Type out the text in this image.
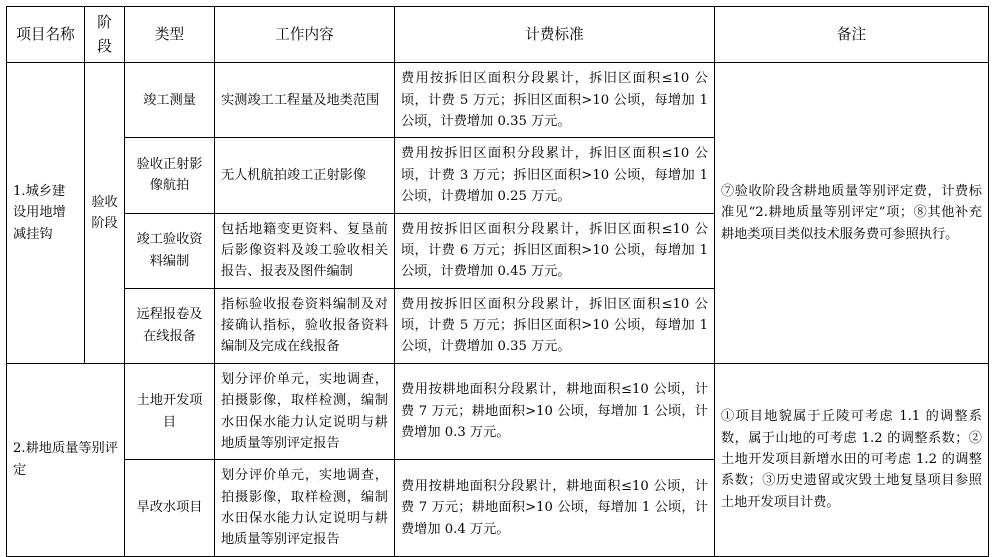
项目名称	阶段	类型	工作内容	计费标准	备注
1.城乡建设用地增减挂钩	验收阶段	竣工测量	实测竣工工程量及地类范围	费用按拆旧区面积分段累计，拆旧区面积≤10 公顷，计费 5 万元；拆旧区面积>10 公顷，每增加 1 公顷，计费增加 0.35 万元。	⑦验收阶段含耕地质量等别评定费，计费标准见“2.耕地质量等别评定”项；⑧其他补充耕地类项目类似技术服务费可参照执行。
		验收正射影像航拍	无人机航拍竣工正射影像	费用按拆旧区面积分段累计，拆旧区面积≤10 公顷，计费 3 万元；拆旧区面积>10 公顷，每增加 1 公顷，计费增加 0.25 万元。	
		竣工验收资料编制	包括地籍变更资料、复垦前后影像资料及竣工验收相关报告、报表及图件编制	费用按拆旧区面积分段累计，拆旧区面积≤10 公顷，计费 6 万元；拆旧区面积>10 公顷，每增加 1 公顷，计费增加 0.45 万元。	
		远程报卷及在线报备	指标验收报卷资料编制及对接确认指标，验收报备资料编制及完成在线报备	费用按拆旧区面积分段累计，拆旧区面积≤10 公顷，计费 5 万元；拆旧区面积>10 公顷，每增加 1 公顷，计费增加 0.35 万元。	
2.耕地质量等别评定		土地开发项目	划分评价单元，实地调查，拍摄影像，取样检测，编制水田保水能力认定说明与耕地质量等别评定报告	费用按耕地面积分段累计，耕地面积≤10 公顷，计费 7 万元；耕地面积>10 公顷，每增加 1 公顷，计费增加 0.3 万元。	①项目地貌属于丘陵可考虑 1.1 的调整系数，属于山地的可考虑 1.2 的调整系数；②土地开发项目新增水田的可考虑 1.2 的调整系数；③历史遗留或灾毁土地复垦项目参照土地开发项目计费。
		旱改水项目	划分评价单元，实地调查，拍摄影像，取样检测，编制水田保水能力认定说明与耕地质量等别评定报告	费用按耕地面积分段累计，耕地面积≤10 公顷，计费 7 万元；耕地面积>10 公顷，每增加 1 公顷，计费增加 0.4 万元。	
